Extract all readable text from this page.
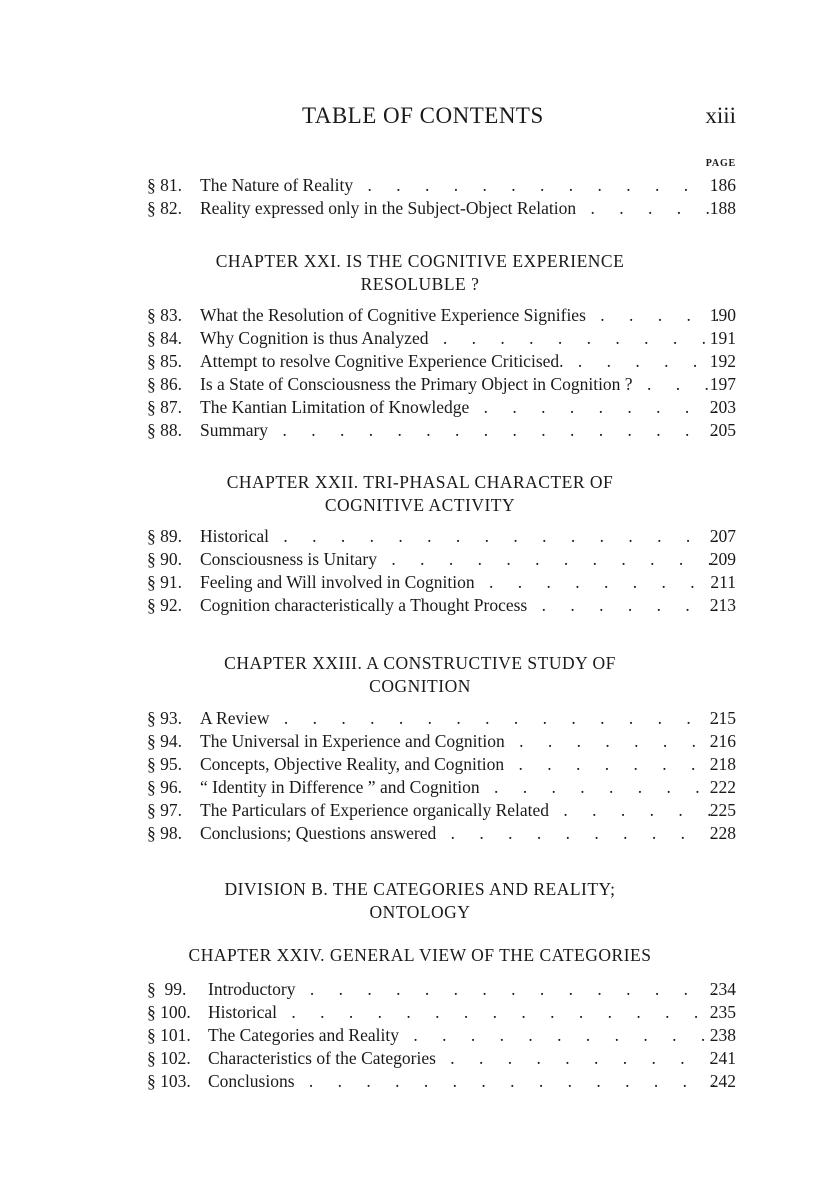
TABLE OF CONTENTS	xiii
PAGE
§ 81. The Nature of Reality . . .	186
§ 82. Reality expressed only in the Subject-Object Relation . . .	188
CHAPTER XXI. IS THE COGNITIVE EXPERIENCE
RESOLUBLE ?
§ 83. What the Resolution of Cognitive Experience Signifies . . .	190
§ 84. Why Cognition is thus Analyzed . . .	191
§ 85. Attempt to resolve Cognitive Experience Criticised. . . .	192
§ 86. Is a State of Consciousness the Primary Object in Cognition ? . . .	197
§ 87. The Kantian Limitation of Knowledge . . .	203
§ 88. Summary . . .	205
CHAPTER XXII. TRI-PHASAL CHARACTER OF
COGNITIVE ACTIVITY
§ 89. Historical . . .	207
§ 90. Consciousness is Unitary . . .	209
§ 91. Feeling and Will involved in Cognition . . .	211
§ 92. Cognition characteristically a Thought Process . . .	213
CHAPTER XXIII. A CONSTRUCTIVE STUDY OF
COGNITION
§ 93. A Review . . .	215
§ 94. The Universal in Experience and Cognition . . .	216
§ 95. Concepts, Objective Reality, and Cognition . . .	218
§ 96. “ Identity in Difference ” and Cognition . . .	222
§ 97. The Particulars of Experience organically Related . . .	225
§ 98. Conclusions; Questions answered . . .	228
DIVISION B. THE CATEGORIES AND REALITY;
ONTOLOGY
CHAPTER XXIV. GENERAL VIEW OF THE CATEGORIES
§  99. Introductory . . .	234
§ 100. Historical . . .	235
§ 101. The Categories and Reality . . .	238
§ 102. Characteristics of the Categories . . .	241
§ 103. Conclusions . . .	242
